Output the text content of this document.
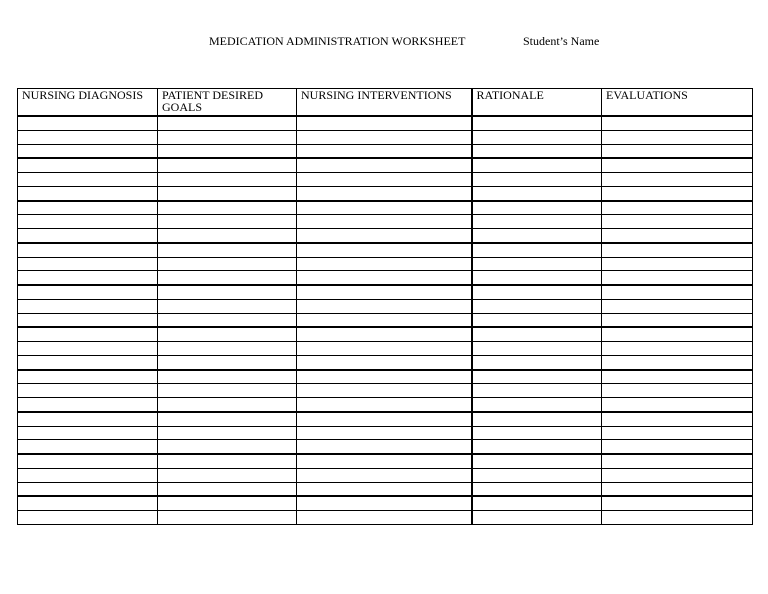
MEDICATION ADMINISTRATION WORKSHEET	Student’s Name
NURSING DIAGNOSIS	PATIENT DESIRED GOALS	NURSING INTERVENTIONS	RATIONALE	EVALUATIONS
